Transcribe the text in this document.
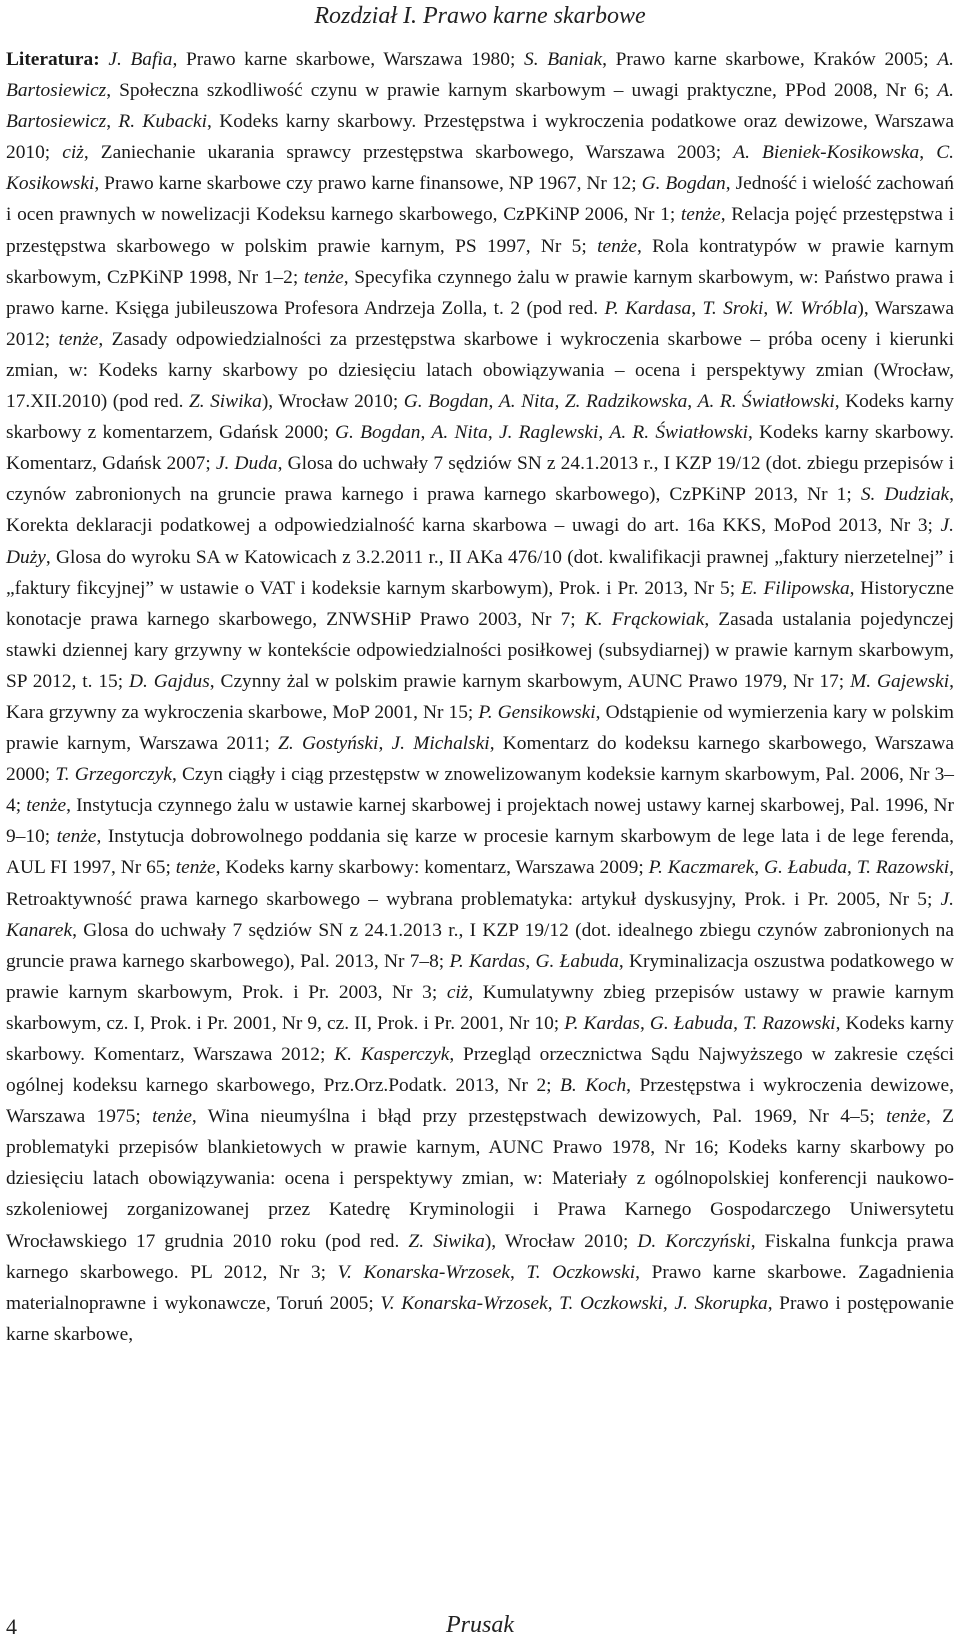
Rozdział I. Prawo karne skarbowe
Literatura: J. Bafia, Prawo karne skarbowe, Warszawa 1980; S. Baniak, Prawo karne skarbowe, Kraków 2005; A. Bartosiewicz, Społeczna szkodliwość czynu w prawie karnym skarbowym – uwagi praktyczne, PPod 2008, Nr 6; A. Bartosiewicz, R. Kubacki, Kodeks karny skarbowy. Przestępstwa i wykroczenia podatkowe oraz dewizowe, Warszawa 2010; ciż, Zaniechanie ukarania sprawcy przestępstwa skarbowego, Warszawa 2003; A. Bieniek-Kosikowska, C. Kosikowski, Prawo karne skarbowe czy prawo karne finansowe, NP 1967, Nr 12; G. Bogdan, Jedność i wielość zachowań i ocen prawnych w nowelizacji Kodeksu karnego skarbowego, CzPKiNP 2006, Nr 1; tenże, Relacja pojęć przestępstwa i przestępstwa skarbowego w polskim prawie karnym, PS 1997, Nr 5; tenże, Rola kontratypów w prawie karnym skarbowym, CzPKiNP 1998, Nr 1–2; tenże, Specyfika czynnego żalu w prawie karnym skarbowym, w: Państwo prawa i prawo karne. Księga jubileuszowa Profesora Andrzeja Zolla, t. 2 (pod red. P. Kardasa, T. Sroki, W. Wróbla), Warszawa 2012; tenże, Zasady odpowiedzialności za przestępstwa skarbowe i wykroczenia skarbowe – próba oceny i kierunki zmian, w: Kodeks karny skarbowy po dziesięciu latach obowiązywania – ocena i perspektywy zmian (Wrocław, 17.XII.2010) (pod red. Z. Siwika), Wrocław 2010; G. Bogdan, A. Nita, Z. Radzikowska, A. R. Światłowski, Kodeks karny skarbowy z komentarzem, Gdańsk 2000; G. Bogdan, A. Nita, J. Raglewski, A. R. Światłowski, Kodeks karny skarbowy. Komentarz, Gdańsk 2007; J. Duda, Glosa do uchwały 7 sędziów SN z 24.1.2013 r., I KZP 19/12 (dot. zbiegu przepisów i czynów zabronionych na gruncie prawa karnego i prawa karnego skarbowego), CzPKiNP 2013, Nr 1; S. Dudziak, Korekta deklaracji podatkowej a odpowiedzialność karna skarbowa – uwagi do art. 16a KKS, MoPod 2013, Nr 3; J. Duży, Glosa do wyroku SA w Katowicach z 3.2.2011 r., II AKa 476/10 (dot. kwalifikacji prawnej „faktury nierzetelnej” i „faktury fikcyjnej” w ustawie o VAT i kodeksie karnym skarbowym), Prok. i Pr. 2013, Nr 5; E. Filipowska, Historyczne konotacje prawa karnego skarbowego, ZNWSHiP Prawo 2003, Nr 7; K. Frąckowiak, Zasada ustalania pojedynczej stawki dziennej kary grzywny w kontekście odpowiedzialności posiłkowej (subsydiarnej) w prawie karnym skarbowym, SP 2012, t. 15; D. Gajdus, Czynny żal w polskim prawie karnym skarbowym, AUNC Prawo 1979, Nr 17; M. Gajewski, Kara grzywny za wykroczenia skarbowe, MoP 2001, Nr 15; P. Gensikowski, Odstąpienie od wymierzenia kary w polskim prawie karnym, Warszawa 2011; Z. Gostyński, J. Michalski, Komentarz do kodeksu karnego skarbowego, Warszawa 2000; T. Grzegorczyk, Czyn ciągły i ciąg przestępstw w znowelizowanym kodeksie karnym skarbowym, Pal. 2006, Nr 3–4; tenże, Instytucja czynnego żalu w ustawie karnej skarbowej i projektach nowej ustawy karnej skarbowej, Pal. 1996, Nr 9–10; tenże, Instytucja dobrowolnego poddania się karze w procesie karnym skarbowym de lege lata i de lege ferenda, AUL FI 1997, Nr 65; tenże, Kodeks karny skarbowy: komentarz, Warszawa 2009; P. Kaczmarek, G. Łabuda, T. Razowski, Retroaktywność prawa karnego skarbowego – wybrana problematyka: artykuł dyskusyjny, Prok. i Pr. 2005, Nr 5; J. Kanarek, Glosa do uchwały 7 sędziów SN z 24.1.2013 r., I KZP 19/12 (dot. idealnego zbiegu czynów zabronionych na gruncie prawa karnego skarbowego), Pal. 2013, Nr 7–8; P. Kardas, G. Łabuda, Kryminalizacja oszustwa podatkowego w prawie karnym skarbowym, Prok. i Pr. 2003, Nr 3; ciż, Kumulatywny zbieg przepisów ustawy w prawie karnym skarbowym, cz. I, Prok. i Pr. 2001, Nr 9, cz. II, Prok. i Pr. 2001, Nr 10; P. Kardas, G. Łabuda, T. Razowski, Kodeks karny skarbowy. Komentarz, Warszawa 2012; K. Kasperczyk, Przegląd orzecznictwa Sądu Najwyższego w zakresie części ogólnej kodeksu karnego skarbowego, Prz.Orz.Podatk. 2013, Nr 2; B. Koch, Przestępstwa i wykroczenia dewizowe, Warszawa 1975; tenże, Wina nieumyślna i błąd przy przestępstwach dewizowych, Pal. 1969, Nr 4–5; tenże, Z problematyki przepisów blankietowych w prawie karnym, AUNC Prawo 1978, Nr 16; Kodeks karny skarbowy po dziesięciu latach obowiązywania: ocena i perspektywy zmian, w: Materiały z ogólnopolskiej konferencji naukowo-szkoleniowej zorganizowanej przez Katedrę Kryminologii i Prawa Karnego Gospodarczego Uniwersytetu Wrocławskiego 17 grudnia 2010 roku (pod red. Z. Siwika), Wrocław 2010; D. Korczyński, Fiskalna funkcja prawa karnego skarbowego. PL 2012, Nr 3; V. Konarska-Wrzosek, T. Oczkowski, Prawo karne skarbowe. Zagadnienia materialnoprawne i wykonawcze, Toruń 2005; V. Konarska-Wrzosek, T. Oczkowski, J. Skorupka, Prawo i postępowanie karne skarbowe,
4	Prusak
